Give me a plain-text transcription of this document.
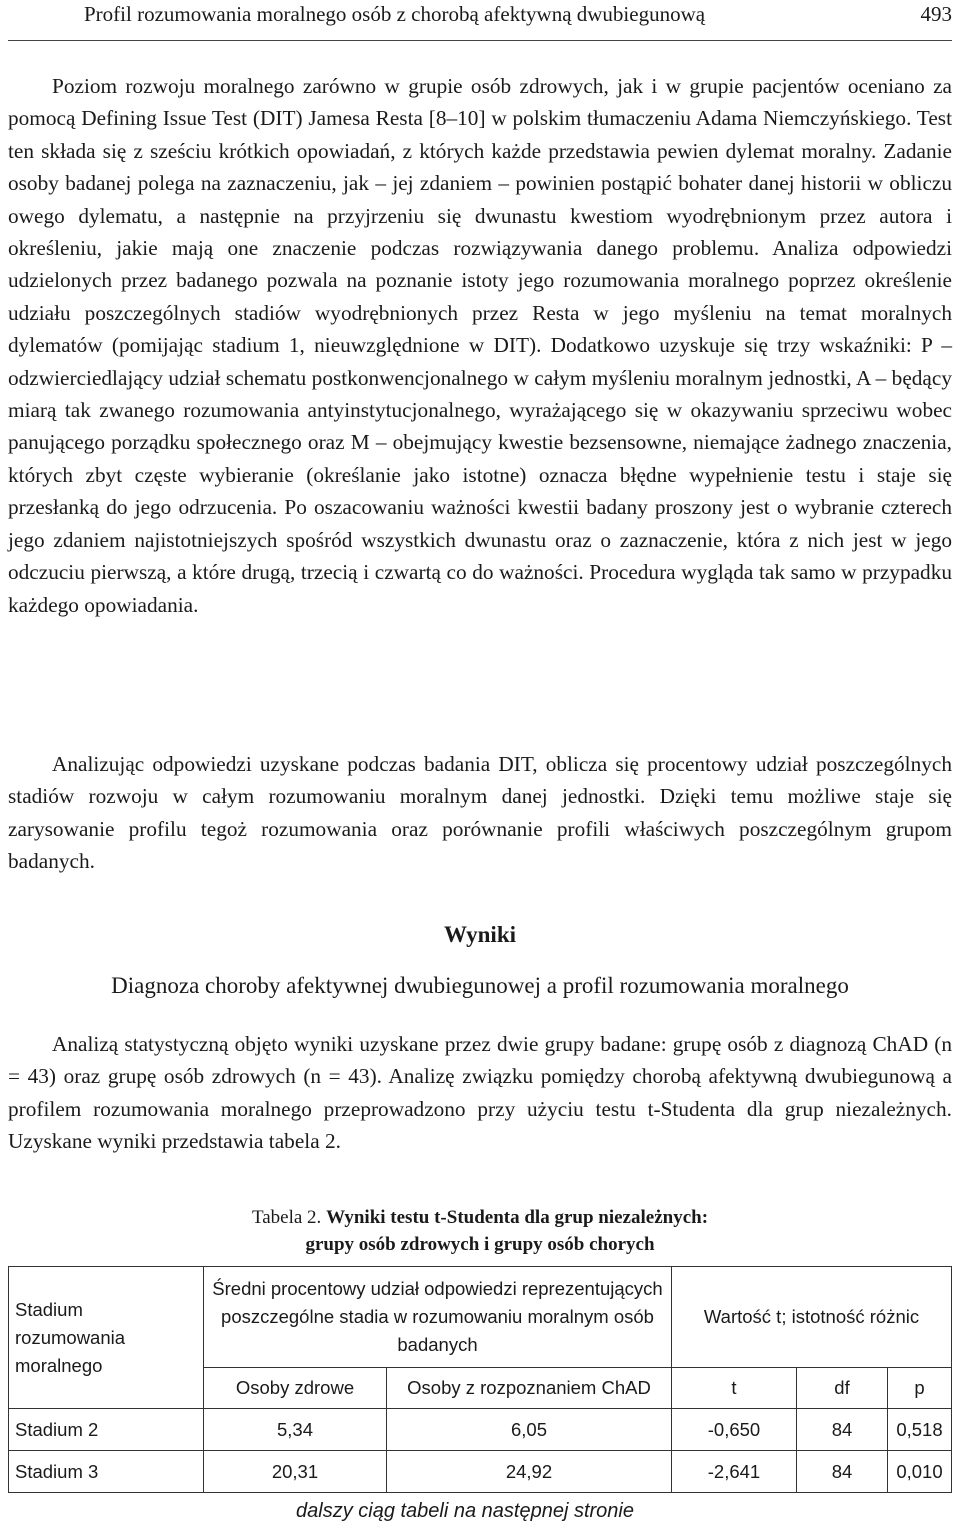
Profil rozumowania moralnego osób z chorobą afektywną dwubiegunową	493

Poziom rozwoju moralnego zarówno w grupie osób zdrowych, jak i w grupie pacjentów oceniano za pomocą Defining Issue Test (DIT) Jamesa Resta [8–10] w polskim tłumaczeniu Adama Niemczyńskiego. Test ten składa się z sześciu krótkich opowiadań, z których każde przedstawia pewien dylemat moralny. Zadanie osoby badanej polega na zaznaczeniu, jak – jej zdaniem – powinien postąpić bohater danej historii w obliczu owego dylematu, a następnie na przyjrzeniu się dwunastu kwestiom wyodrębnionym przez autora i określeniu, jakie mają one znaczenie podczas rozwiązywania danego problemu. Analiza odpowiedzi udzielonych przez badanego pozwala na poznanie istoty jego rozumowania moralnego poprzez określenie udziału poszczególnych stadiów wyodrębnionych przez Resta w jego myśleniu na temat moralnych dylematów (pomijając stadium 1, nieuwzględnione w DIT). Dodatkowo uzyskuje się trzy wskaźniki: P – odzwierciedlający udział schematu postkonwencjonalnego w całym myśleniu moralnym jednostki, A – będący miarą tak zwanego rozumowania antyinstytucjonalnego, wyrażającego się w okazywaniu sprzeciwu wobec panującego porządku społecznego oraz M – obejmujący kwestie bezsensowne, niemające żadnego znaczenia, których zbyt częste wybieranie (określanie jako istotne) oznacza błędne wypełnienie testu i staje się przesłanką do jego odrzucenia. Po oszacowaniu ważności kwestii badany proszony jest o wybranie czterech jego zdaniem najistotniejszych spośród wszystkich dwunastu oraz o zaznaczenie, która z nich jest w jego odczuciu pierwszą, a które drugą, trzecią i czwartą co do ważności. Procedura wygląda tak samo w przypadku każdego opowiadania.

Analizując odpowiedzi uzyskane podczas badania DIT, oblicza się procentowy udział poszczególnych stadiów rozwoju w całym rozumowaniu moralnym danej jednostki. Dzięki temu możliwe staje się zarysowanie profilu tegoż rozumowania oraz porównanie profili właściwych poszczególnym grupom badanych.

Wyniki
Diagnoza choroby afektywnej dwubiegunowej a profil rozumowania moralnego

Analizą statystyczną objęto wyniki uzyskane przez dwie grupy badane: grupę osób z diagnozą ChAD (n = 43) oraz grupę osób zdrowych (n = 43). Analizę związku pomiędzy chorobą afektywną dwubiegunową a profilem rozumowania moralnego przeprowadzono przy użyciu testu t-Studenta dla grup niezależnych. Uzyskane wyniki przedstawia tabela 2.

Tabela 2. Wyniki testu t-Studenta dla grup niezależnych:
grupy osób zdrowych i grupy osób chorych
Stadium rozumowania moralnego	Średni procentowy udział odpowiedzi reprezentujących poszczególne stadia w rozumowaniu moralnym osób badanych		Wartość t; istotność różnic		
	Osoby zdrowe	Osoby z rozpoznaniem ChAD	t	df	p
Stadium 2	5,34	6,05	-0,650	84	0,518
Stadium 3	20,31	24,92	-2,641	84	0,010
dalszy ciąg tabeli na następnej stronie
